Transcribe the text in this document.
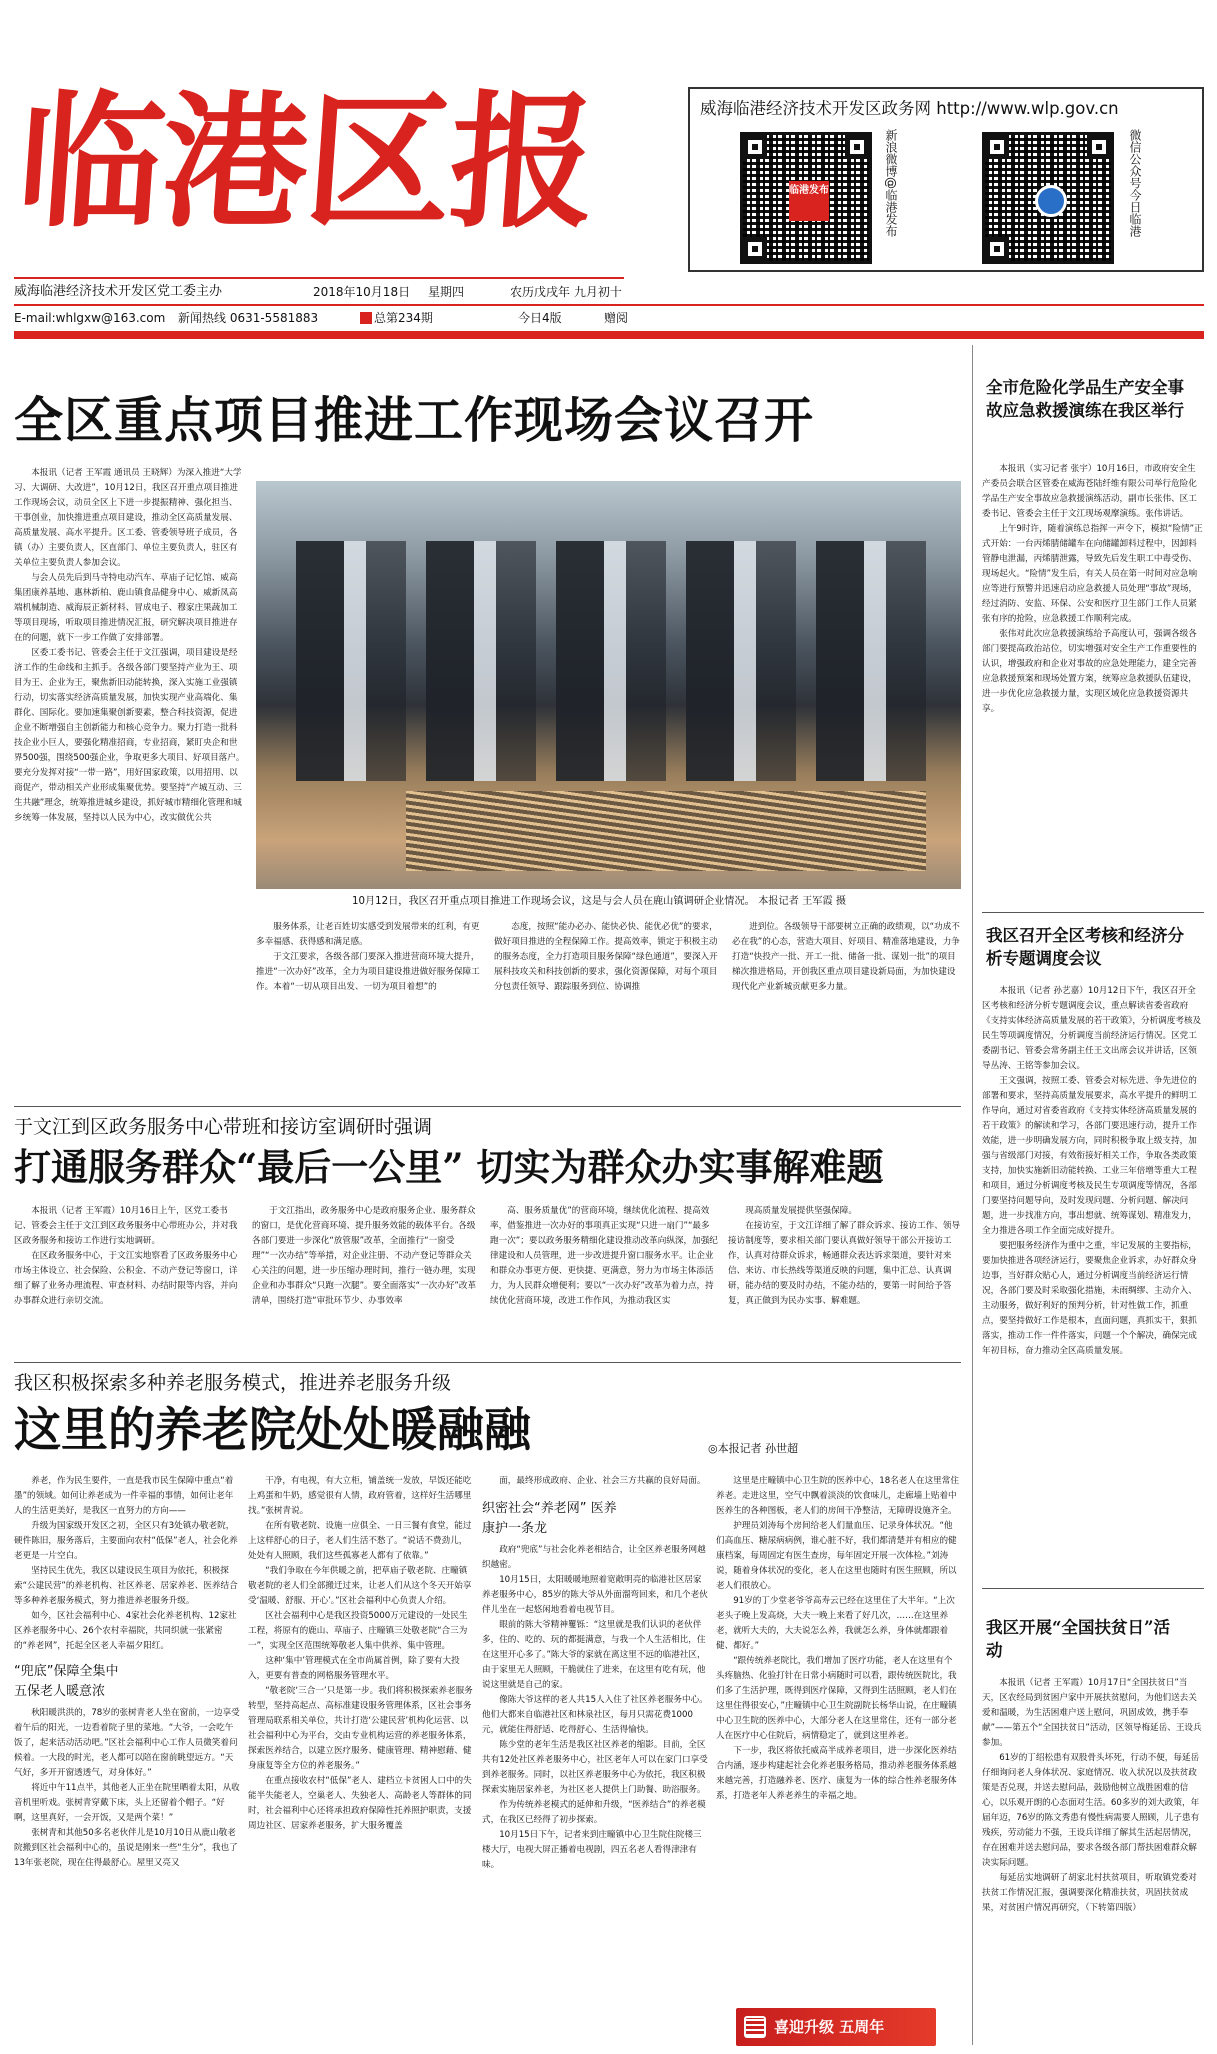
临港区报	威海临港经济技术开发区政务网 http://www.wlp.gov.cn
临港发布	新浪微博@临港发布	微信公众号今日临港
威海临港经济技术开发区党工委主办	2018年10月18日	星期四	农历戊戌年 九月初十
E-mail:whlgxw@163.com	新闻热线 0631-5581883	总第234期	今日4版	赠阅
全区重点项目推进工作现场会议召开

本报讯（记者 王军霞 通讯员 王晓辉）为深入推进“大学习、大调研、大改进”，10月12日，我区召开重点项目推进工作现场会议，动员全区上下进一步提振精神、强化担当、干事创业，加快推进重点项目建设，推动全区高质量发展、高质量发展、高水平提升。区工委、管委领导班子成员，各镇（办）主要负责人，区直部门、单位主要负责人，驻区有关单位主要负责人参加会议。

与会人员先后到马寺特电动汽车、草庙子记忆馆、威高集团康养基地、惠林新柏、鹿山镇食品健身中心、威新凤高端机械制造、威海辰正新材料、冒成电子、穆家庄果蔬加工等项目现场，听取项目推进情况汇报，研究解决项目推进存在的问题，就下一步工作做了安排部署。

区委工委书记、管委会主任于文江强调，项目建设是经济工作的生命线和主抓手。各级各部门要坚持产业为王、项目为王、企业为王，聚焦新旧动能转换，深入实施工业强镇行动，切实落实经济高质量发展，加快实现产业高端化、集群化、国际化。要加速集聚创新要素，整合科技资源，促进企业不断增强自主创新能力和核心竞争力。聚力打造一批科技企业小巨人，要强化精准招商，专业招商，紧盯央企和世界500强，围绕500强企业，争取更多大项目、好项目落户。要充分发挥对接“一带一路”，用好国家政策，以用招用、以商促产，带动相关产业形成集聚优势。要坚持“产城互动、三生共融”理念，统筹推进城乡建设，抓好城市精细化管理和城乡统筹一体发展，坚持以人民为中心，改实做优公共

10月12日，我区召开重点项目推进工作现场会议，这是与会人员在鹿山镇调研企业情况。 本报记者 王军霞 摄

服务体系，让老百姓切实感受到发展带来的红利，有更多幸福感、获得感和满足感。

于文江要求，各级各部门要深入推进营商环境大提升，推进“一次办好”改革，全力为项目建设推进做好服务保障工作。本着“一切从项目出发、一切为项目着想”的

态度，按照“能办必办、能快必快、能优必优”的要求，做好项目推进的全程保障工作。提高效率，锁定于积极主动的服务态度，全力打造项目服务保障“绿色通道”，要深入开展科技攻关和科技创新的要求，强化资源保障，对每个项目分包责任领导、跟踪服务到位、协调推

进到位。各级领导干部要树立正确的政绩观，以“功成不必在我”的心态，营造大项目、好项目、精准落地建设，力争打造“快投产一批、开工一批、储备一批、谋划一批”的项目梯次推进格局，开创我区重点项目建设新局面，为加快建设现代化产业新城贡献更多力量。

于文江到区政务服务中心带班和接访室调研时强调
打通服务群众“最后一公里” 切实为群众办实事解难题

本报讯（记者 王军霞）10月16日上午，区党工委书记、管委会主任于文江到区政务服务中心带班办公，并对我区政务服务和接访工作进行实地调研。

在区政务服务中心，于文江实地察看了区政务服务中心市场主体设立、社会保险、公积金、不动产登记等窗口，详细了解了业务办理流程、审查材料、办结时限等内容，并向办事群众进行亲切交流。

于文江指出，政务服务中心是政府服务企业、服务群众的窗口，是优化营商环境、提升服务效能的载体平台。各级各部门要进一步深化“放管服”改革，全面推行“一窗受理”“一次办结”等举措，对企业注册、不动产登记等群众关心关注的问题，进一步压缩办理时间，推行一链办理，实现企业和办事群众“只跑一次腿”。要全面落实“一次办好”改革清单，围绕打造“审批环节少、办事效率

高、服务质量优”的营商环境，继续优化流程、提高效率，借鉴推进一次办好的事项真正实现“只进一扇门”“最多跑一次”；要以政务服务精细化建设推动改革向纵深，加强纪律建设和人员管理，进一步改进提升窗口服务水平。让企业和群众办事更方便、更快捷、更满意，努力为市场主体添活力，为人民群众增便利；要以“一次办好”改革为着力点，持续优化营商环境，改进工作作风，为推动我区实

现高质量发展提供坚强保障。

在接访室，于文江详细了解了群众诉求、接访工作、领导接访制度等，要求相关部门要认真做好领导干部公开接访工作，认真对待群众诉求，畅通群众表达诉求渠道，要针对来信、来访、市长热线等渠道反映的问题，集中汇总、认真调研，能办结的要及时办结，不能办结的，要第一时间给予答复，真正做到为民办实事、解难题。

我区积极探索多种养老服务模式，推进养老服务升级
这里的养老院处处暖融融	◎本报记者 孙世超

养老，作为民生要件，一直是我市民生保障中重点“着墨”的领域。如何让养老成为一件幸福的事情，如何让老年人的生活更美好，是我区一直努力的方向——

升级为国家级开发区之初，全区只有3处镇办敬老院，硬件陈旧，服务落后，主要面向农村“低保”老人，社会化养老更是一片空白。

坚持民生优先，我区以建设民生项目为依托，积极探索“公建民营”的养老机构、社区养老、居家养老、医养结合等多种养老服务模式，努力推进养老服务升级。

如今，区社会福利中心、4家社会化养老机构、12家社区养老服务中心、26个农村幸福院，共同织就一张紧密的“养老网”，托起全区老人幸福夕阳红。

“兜底”保障全集中 五保老人暖意浓

秋阳暖洪洪的，78岁的张树青老人坐在窗前，一边享受着午后的阳光，一边看着院子里的菜地。“大爷，一会吃午饭了，起来活动活动吧。”区社会福利中心工作人员微笑着问候着。一大段的时光，老人都可以陪在窗前眺望远方。“天气好，多开开窗透透气，对身体好。”

将近中午11点半，其他老人正坐在院里晒着太阳，从收音机里听戏。张树青穿戴下床，头上还留着个帽子。“好啊，这里真好，一会开饭，又是两个菜！”

张树青和其他50多名老伙伴儿是10月10日从鹿山敬老院搬到区社会福利中心的，虽说是刚来一些“生分”，我也了13年张老院，现在住得最舒心。屋里又亮又

干净，有电视，有大立柜，铺盖统一发放，早饭还能吃上鸡蛋和牛奶，感觉很有人情，政府管着，这样好生活哪里找。”张树青说。

在所有敬老院、设施一应俱全、一日三餐有食堂，能过上这样舒心的日子，老人们生活不愁了。“说话不费劲儿，处处有人照顾，我们这些孤寡老人都有了依靠。”

“我们争取在今年供暖之前，把草庙子敬老院、庄疃镇敬老院的老人们全部搬迁过来，让老人们从这个冬天开始享受‘温暖、舒服、开心’。”区社会福利中心负责人介绍。

区社会福利中心是我区投资5000万元建设的一处民生工程，将原有的鹿山、草庙子、庄疃镇三处敬老院“合三为一”，实现全区范围统筹敬老人集中供养、集中管理。

这种‘集中’管理模式在全市尚属首例，除了要有大投入，更要有普查的网格服务管理水平。

“敬老院‘三合一’只是第一步。我们将积极探索养老服务转型，坚持高起点、高标准建设服务管理体系，区社会事务管理局联系相关单位，共计打造‘公建民营’机构化运营、以社会福利中心为平台，交由专业机构运营的养老服务体系，探索医养结合，以建立医疗服务、健康管理、精神慰藉、健身康复等全方位的养老服务。”

在重点接收农村“低保”老人、建档立卡贫困人口中的失能半失能老人，空巢老人、失独老人、高龄老人等群体的同时，社会福利中心还将承担政府保障性托养照护职责，支援周边社区、居家养老服务，扩大服务覆盖

面，最终形成政府、企业、社会三方共赢的良好局面。

织密社会“养老网” 医养康护一条龙

政府“兜底”与社会化养老相结合，让全区养老服务网越织越密。

10月15日，太阳暖暖地照着宽敞明亮的临港社区居家养老服务中心，85岁的陈大爷从外面溜弯回来，和几个老伙伴儿坐在一起悠闲地看着电视节目。

眼前的陈大爷精神矍铄：“这里就是我们认识的老伙伴多，住的、吃的、玩的都挺满意，与我一个人生活相比，住在这里开心多了。”陈大爷的家就在离这里不远的临港社区，由于家里无人照顾，干脆就住了进来，在这里有吃有玩，他说这里就是自己的家。

像陈大爷这样的老人共15人入住了社区养老服务中心。他们大都来自临港社区和林泉社区，每月只需花费1000元，就能住得舒适、吃得舒心、生活得愉快。

陈少堂的老年生活是我区社区养老的缩影。目前，全区共有12处社区养老服务中心，社区老年人可以在家门口享受到养老服务。同时，以社区养老服务中心为依托，我区积极探索实施居家养老，为社区老人提供上门助餐、助浴服务。

作为传统养老模式的延伸和升级，“医养结合”的养老模式，在我区已经得了初步探索。

10月15日下午，记者来到庄疃镇中心卫生院住院楼三楼大厅，电视大屏正播着电视剧，四五名老人看得津津有味。

这里是庄疃镇中心卫生院的医养中心，18名老人在这里常住养老。走进这里，空气中飘着淡淡的饮食味儿，走廊墙上贴着中医养生的各种图板，老人们的房间干净整洁，无障碍设施齐全。

护理员刘涛每个房间给老人们量血压、记录身体状况。“他们高血压、糖尿病病例，谁心脏不好，我们都清楚并有相应的健康档案，每周固定有医生查房，每年固定开展一次体检。”刘涛说，随着身体状况的变化，老人在这里也随时有医生照顾，所以老人们很放心。

91岁的丁少堂老爷爷高寿云已经在这里住了大半年。“上次老头子晚上发高烧，大夫一晚上来看了好几次，……在这里养老，就听大夫的，大夫说怎么养，我就怎么养，身体就都跟着健、都好。”

“跟传统养老院比，我们增加了医疗功能，老人在这里有个头疼脑热、化验打针在日常小病随时可以看，跟传统医院比，我们多了生活护理，既得到医疗保障，又得到生活照顾，老人们在这里住得很安心，”庄疃镇中心卫生院副院长杨华山说，在庄疃镇中心卫生院的医养中心，大部分老人在这里常住，还有一部分老人在医疗中心住院后，病情稳定了，就到这里养老。

下一步，我区将依托威高半成养老项目，进一步深化医养结合内涵，逐步构建起社会化养老服务格局，推动养老服务体系越来越完善，打造融养老、医疗、康复为一体的综合性养老服务体系，打造老年人养老养生的幸福之地。

喜迎升级 五周年
全市危险化学品生产安全事故应急救援演练在我区举行

本报讯（实习记者 张宇）10月16日，市政府安全生产委员会联合区管委在威海苍陆纤维有限公司举行危险化学品生产安全事故应急救援演练活动，副市长张伟、区工委书记、管委会主任于文江现场观摩演练。张伟讲话。

上午9时许，随着演练总指挥一声令下，模拟“险情”正式开始：一台丙烯腈储罐车在向储罐卸料过程中，因卸料管静电泄漏，丙烯腈泄露，导致先后发生职工中毒受伤、现场起火。“险情”发生后，有关人员在第一时间对应急响应等进行预警并迅速启动应急救援人员处理“事故”现场，经过消防、安监、环保、公安和医疗卫生部门工作人员紧张有序的抢险，应急救援工作顺利完成。

张伟对此次应急救援演练给予高度认可，强调各级各部门要提高政治站位，切实增强对安全生产工作重要性的认识，增强政府和企业对事故的应急处理能力，建全完善应急救援预案和现场处置方案，统筹应急救援队伍建设，进一步优化应急救援力量，实现区域化应急救援资源共享。

我区召开全区考核和经济分析专题调度会议

本报讯（记者 孙艺嘉）10月12日下午，我区召开全区考核和经济分析专题调度会议，重点解读省委省政府《支持实体经济高质量发展的若干政策》，分析调度考核及民生等项调度情况，分析调度当前经济运行情况。区党工委副书记、管委会常务副主任王文出席会议并讲话，区领导丛涛、王铭等参加会议。

王文强调，按照工委、管委会对标先进、争先进位的部署和要求，坚持高质量发展要求，高水平提升的鲜明工作导向，通过对省委省政府《支持实体经济高质量发展的若干政策》的解读和学习，各部门要迅速行动，提升工作效能，进一步明确发展方向，同时积极争取上级支持，加强与省级部门对接，有效衔接好相关工作，争取各类政策支持，加快实施新旧动能转换、工业三年倍增等重大工程和项目，通过分析调度考核及民生专项调度等情况，各部门要坚持问题导向，及时发现问题、分析问题、解决问题，进一步找准方向，事出想就、统筹谋划、精准发力，全力推进各项工作全面完成好提升。

要把服务经济作为重中之重，牢记发展的主要指标，要加快推进各项经济运行，要聚焦企业诉求，办好群众身边事，当好群众贴心人，通过分析调度当前经济运行情况，各部门要及时采取强化措施，未雨绸缪、主动介入、主动服务，做好利好的预判分析，针对性做工作，抓重点，要坚持做好工作是根本，直面问题，真抓实干，狠抓落实，推动工作一件件落实，问题一个个解决，确保完成年初目标，奋力推动全区高质量发展。

我区开展“全国扶贫日”活动

本报讯（记者 王军霞）10月17日“全国扶贫日”当天，区农经局到贫困户家中开展扶贫慰问，为他们送去关爱和温暖，为生活困难户送上慰问，巩固成效，携手奉献”——第五个“全国扶贫日”活动，区领导梅延岳、王设兵参加。

61岁的丁绍松患有双股骨头坏死，行动不便，每延岳仔细询问老人身体状况、家庭情况、收入状况以及扶贫政策是否兑现，并送去慰问品，鼓励他树立战胜困难的信心，以乐观开朗的心态面对生活。60多岁的刘大政策，年届年迈，76岁的陈文秀患有慢性病需要人照顾，儿子患有残疾，劳动能力不强，王设兵详细了解其生活起居情况，存在困难并送去慰问品，要求各级各部门帮扶困难群众解决实际问题。

每延岳实地调研了胡家北村扶贫项目，听取镇党委对扶贫工作情况汇报，强调要深化精准扶贫，巩固扶贫成果，对贫困户情况再研究，（下转第四版）
